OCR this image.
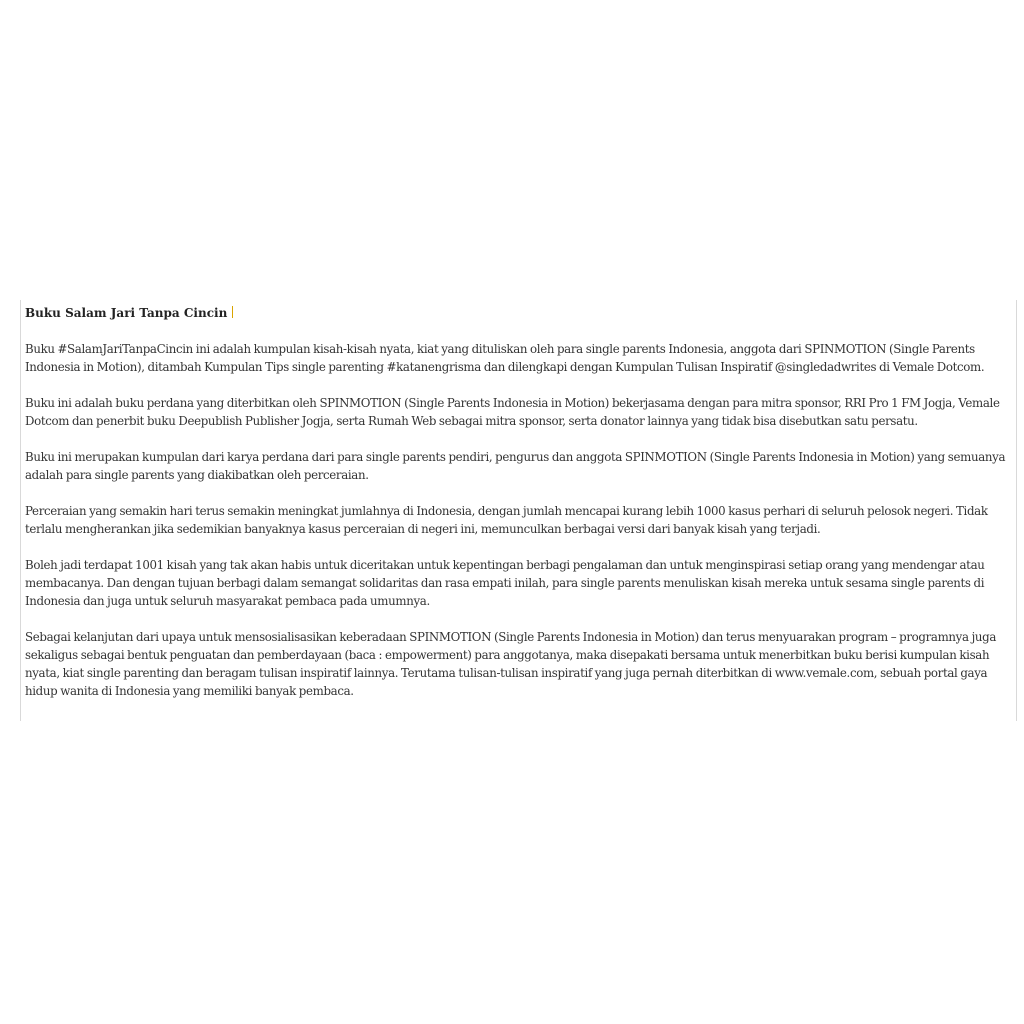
Buku Salam Jari Tanpa Cincin

Buku #SalamJariTanpaCincin ini adalah kumpulan kisah-kisah nyata, kiat yang dituliskan oleh para single parents Indonesia, anggota dari SPINMOTION (Single Parents Indonesia in Motion), ditambah Kumpulan Tips single parenting #katanengrisma dan dilengkapi dengan Kumpulan Tulisan Inspiratif @singledadwrites di Vemale Dotcom.

Buku ini adalah buku perdana yang diterbitkan oleh SPINMOTION (Single Parents Indonesia in Motion) bekerjasama dengan para mitra sponsor, RRI Pro 1 FM Jogja, Vemale Dotcom dan penerbit buku Deepublish Publisher Jogja, serta Rumah Web sebagai mitra sponsor, serta donator lainnya yang tidak bisa disebutkan satu persatu.

Buku ini merupakan kumpulan dari karya perdana dari para single parents pendiri, pengurus dan anggota SPINMOTION (Single Parents Indonesia in Motion) yang semuanya adalah para single parents yang diakibatkan oleh perceraian.

Perceraian yang semakin hari terus semakin meningkat jumlahnya di Indonesia, dengan jumlah mencapai kurang lebih 1000 kasus perhari di seluruh pelosok negeri. Tidak terlalu mengherankan jika sedemikian banyaknya kasus perceraian di negeri ini, memunculkan berbagai versi dari banyak kisah yang terjadi.

Boleh jadi terdapat 1001 kisah yang tak akan habis untuk diceritakan untuk kepentingan berbagi pengalaman dan untuk menginspirasi setiap orang yang mendengar atau membacanya. Dan dengan tujuan berbagi dalam semangat solidaritas dan rasa empati inilah, para single parents menuliskan kisah mereka untuk sesama single parents di Indonesia dan juga untuk seluruh masyarakat pembaca pada umumnya.

Sebagai kelanjutan dari upaya untuk mensosialisasikan keberadaan SPINMOTION (Single Parents Indonesia in Motion) dan terus menyuarakan program – programnya juga sekaligus sebagai bentuk penguatan dan pemberdayaan (baca : empowerment) para anggotanya, maka disepakati bersama untuk menerbitkan buku berisi kumpulan kisah nyata, kiat single parenting dan beragam tulisan inspiratif lainnya. Terutama tulisan-tulisan inspiratif yang juga pernah diterbitkan di www.vemale.com, sebuah portal gaya hidup wanita di Indonesia yang memiliki banyak pembaca.
